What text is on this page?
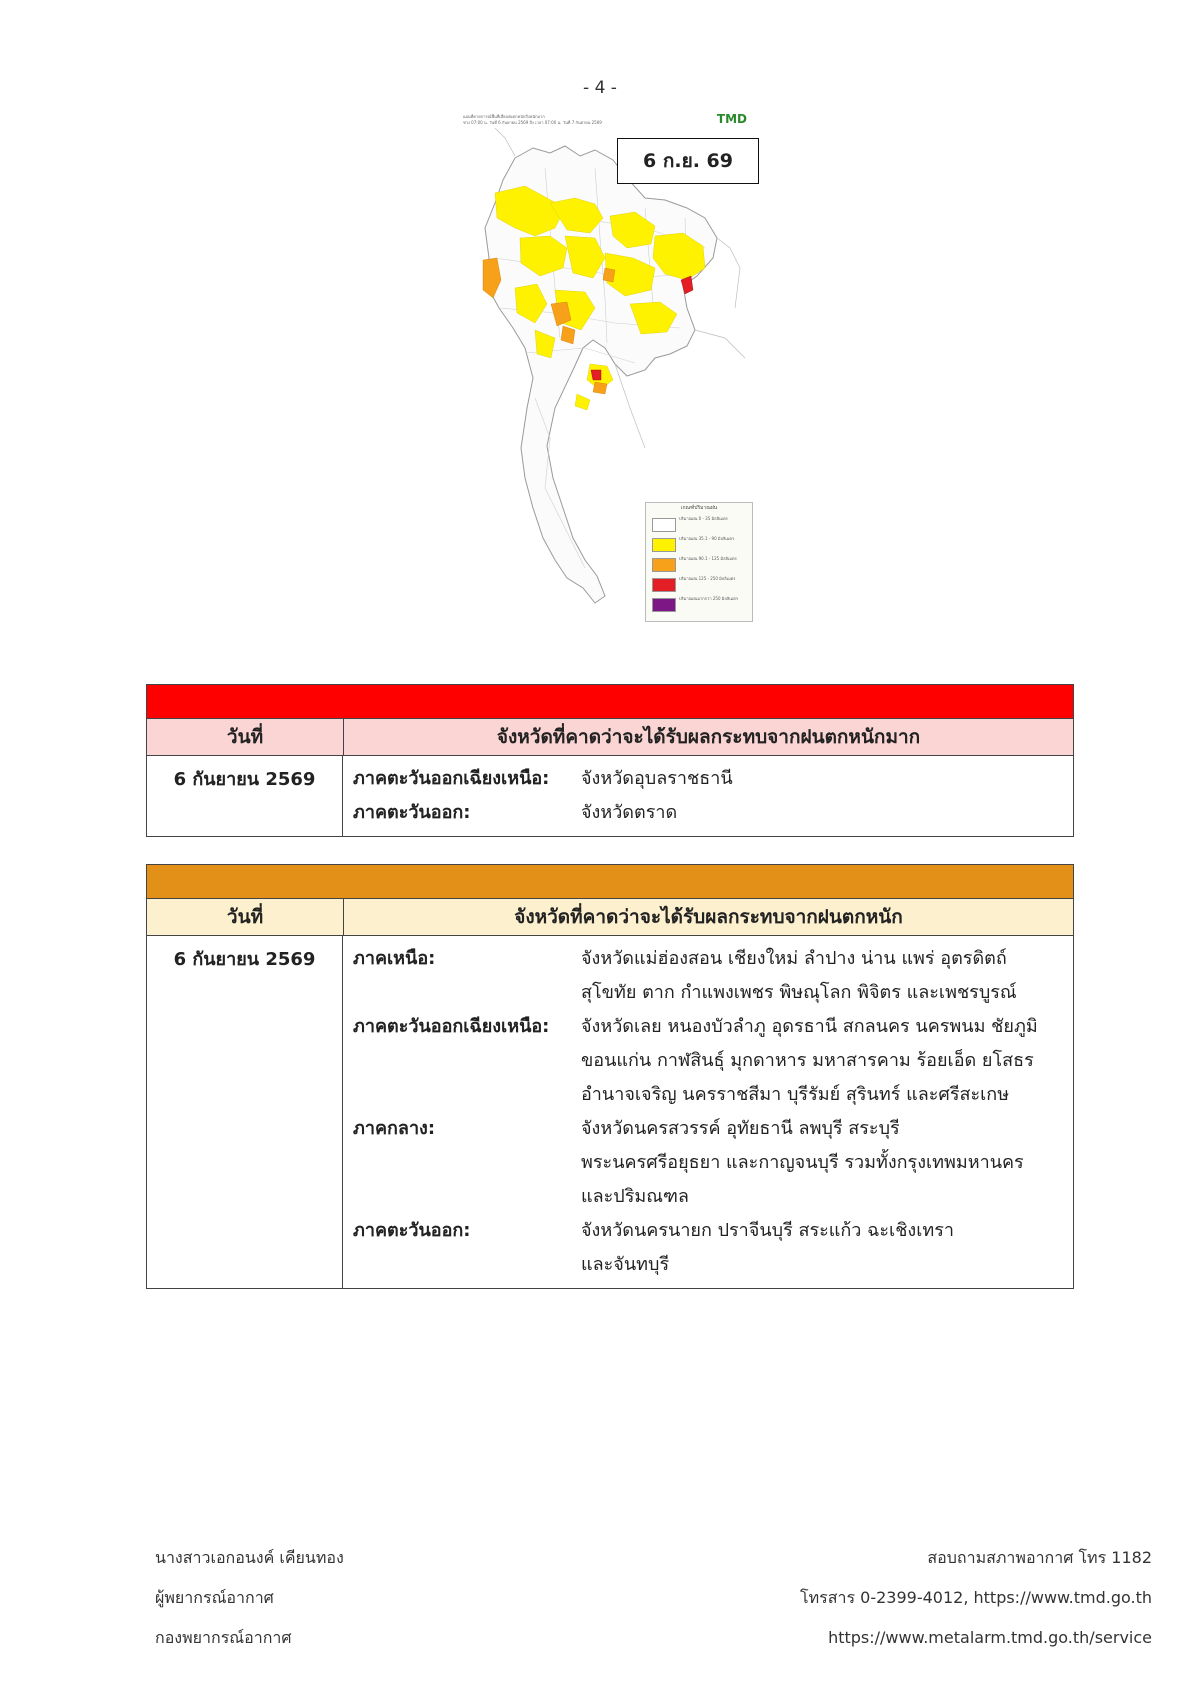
- 4 -
แผนที่คาดการณ์พื้นที่เสี่ยงฝนตกหนักถึงหนักมาก
ช่วง 07:00 น. วันที่ 6 กันยายน 2569 ถึง เวลา 07:00 น. วันที่ 7 กันยายน 2569	TMD
6 ก.ย. 69
เกณฑ์ปริมาณฝน
ปริมาณฝน 0 - 35 มิลลิเมตร
ปริมาณฝน 35.1 - 90 มิลลิเมตร
ปริมาณฝน 90.1 - 125 มิลลิเมตร
ปริมาณฝน 125 - 250 มิลลิเมตร
ปริมาณฝนมากกว่า 250 มิลลิเมตร
วันที่	จังหวัดที่คาดว่าจะได้รับผลกระทบจากฝนตกหนักมาก
6 กันยายน 2569	ภาคตะวันออกเฉียงเหนือ:	จังหวัดอุบลราชธานี
ภาคตะวันออก:	จังหวัดตราด
วันที่	จังหวัดที่คาดว่าจะได้รับผลกระทบจากฝนตกหนัก
6 กันยายน 2569	ภาคเหนือ:	จังหวัดแม่ฮ่องสอน เชียงใหม่ ลำปาง น่าน แพร่ อุตรดิตถ์
สุโขทัย ตาก กำแพงเพชร พิษณุโลก พิจิตร และเพชรบูรณ์
ภาคตะวันออกเฉียงเหนือ:	จังหวัดเลย หนองบัวลำภู อุดรธานี สกลนคร นครพนม ชัยภูมิ
ขอนแก่น กาฬสินธุ์ มุกดาหาร มหาสารคาม ร้อยเอ็ด ยโสธร
อำนาจเจริญ นครราชสีมา บุรีรัมย์ สุรินทร์ และศรีสะเกษ
ภาคกลาง:	จังหวัดนครสวรรค์ อุทัยธานี ลพบุรี สระบุรี
พระนครศรีอยุธยา และกาญจนบุรี รวมทั้งกรุงเทพมหานคร
และปริมณฑล
ภาคตะวันออก:	จังหวัดนครนายก ปราจีนบุรี สระแก้ว ฉะเชิงเทรา
และจันทบุรี
นางสาวเอกอนงค์ เคียนทอง
ผู้พยากรณ์อากาศ
กองพยากรณ์อากาศ
สอบถามสภาพอากาศ โทร 1182
โทรสาร 0-2399-4012, https://www.tmd.go.th
https://www.metalarm.tmd.go.th/service
